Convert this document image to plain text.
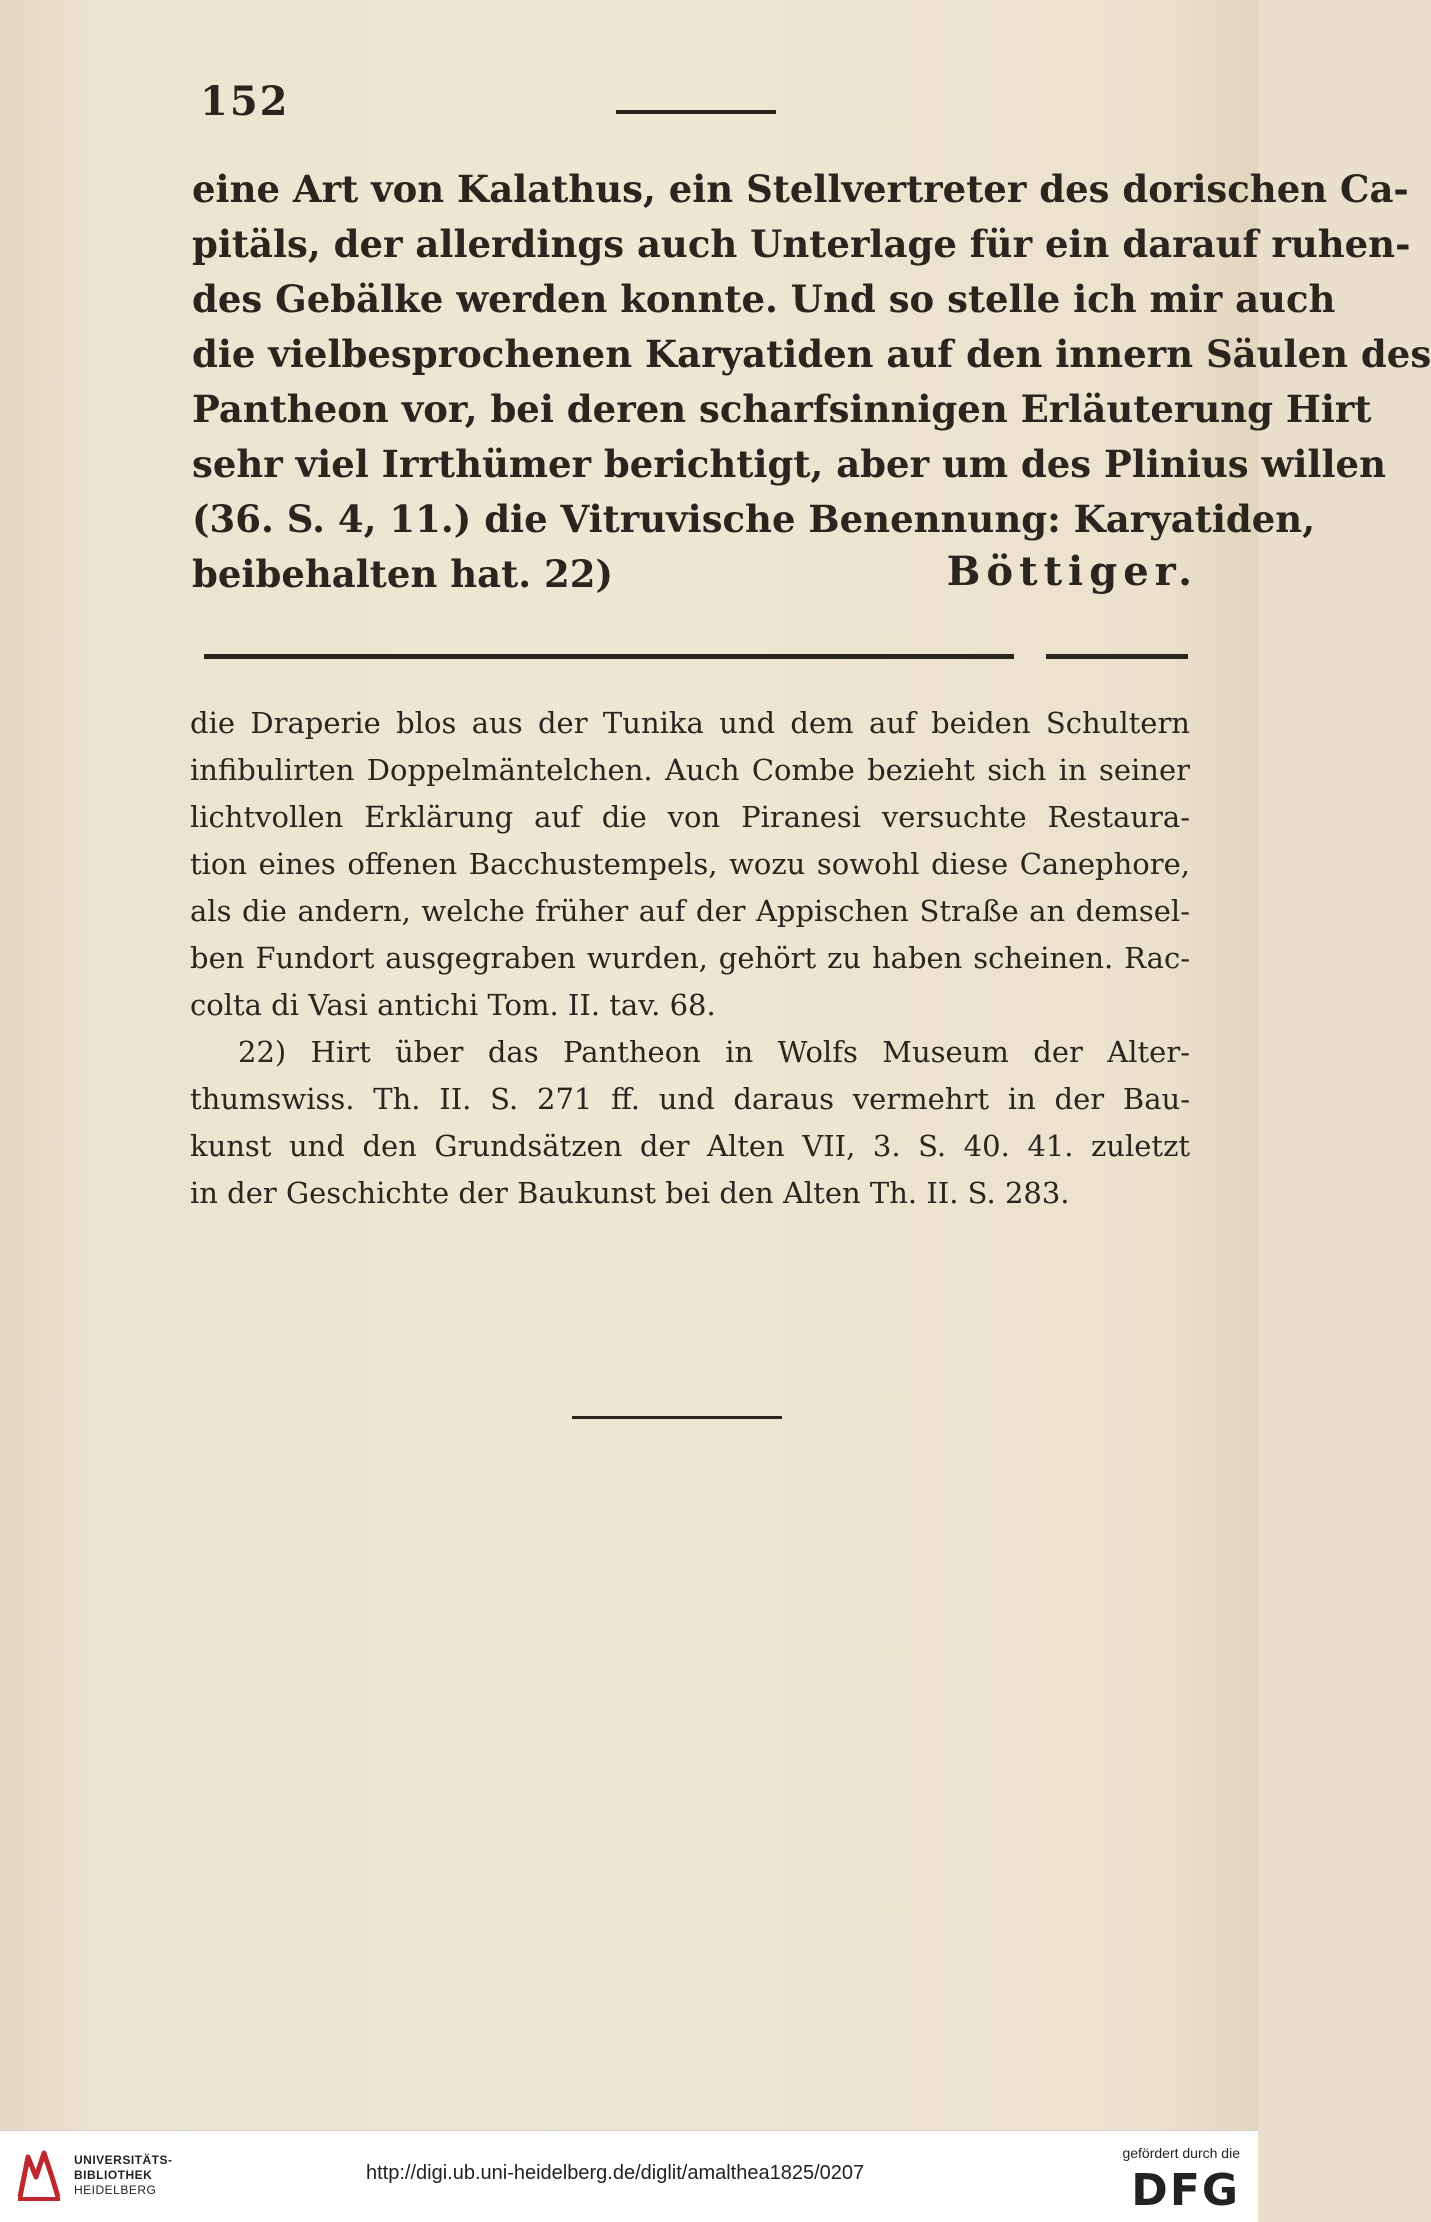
152
eine Art von Kalathus, ein Stellvertreter des dorischen Ca-
pitäls, der allerdings auch Unterlage für ein darauf ruhen-
des Gebälke werden konnte. Und so stelle ich mir auch
die vielbesprochenen Karyatiden auf den innern Säulen des
Pantheon vor, bei deren scharfsinnigen Erläuterung Hirt
sehr viel Irrthümer berichtigt, aber um des Plinius willen
(36. S. 4, 11.) die Vitruvische Benennung: Karyatiden,
beibehalten hat. 22)	Böttiger.
die Draperie blos aus der Tunika und dem auf beiden Schultern
infibulirten Doppelmäntelchen. Auch Combe bezieht sich in seiner
lichtvollen Erklärung auf die von Piranesi versuchte Restaura-
tion eines offenen Bacchustempels, wozu sowohl diese Canephore,
als die andern, welche früher auf der Appischen Straße an demsel-
ben Fundort ausgegraben wurden, gehört zu haben scheinen. Rac-
colta di Vasi antichi Tom. II. tav. 68.
22) Hirt über das Pantheon in Wolfs Museum der Alter-
thumswiss. Th. II. S. 271 ff. und daraus vermehrt in der Bau-
kunst und den Grundsätzen der Alten VII, 3. S. 40. 41. zuletzt
in der Geschichte der Baukunst bei den Alten Th. II. S. 283.
UNIVERSITÄTS-
BIBLIOTHEK
HEIDELBERG
http://digi.ub.uni-heidelberg.de/diglit/amalthea1825/0207
gefördert durch die
DFG
